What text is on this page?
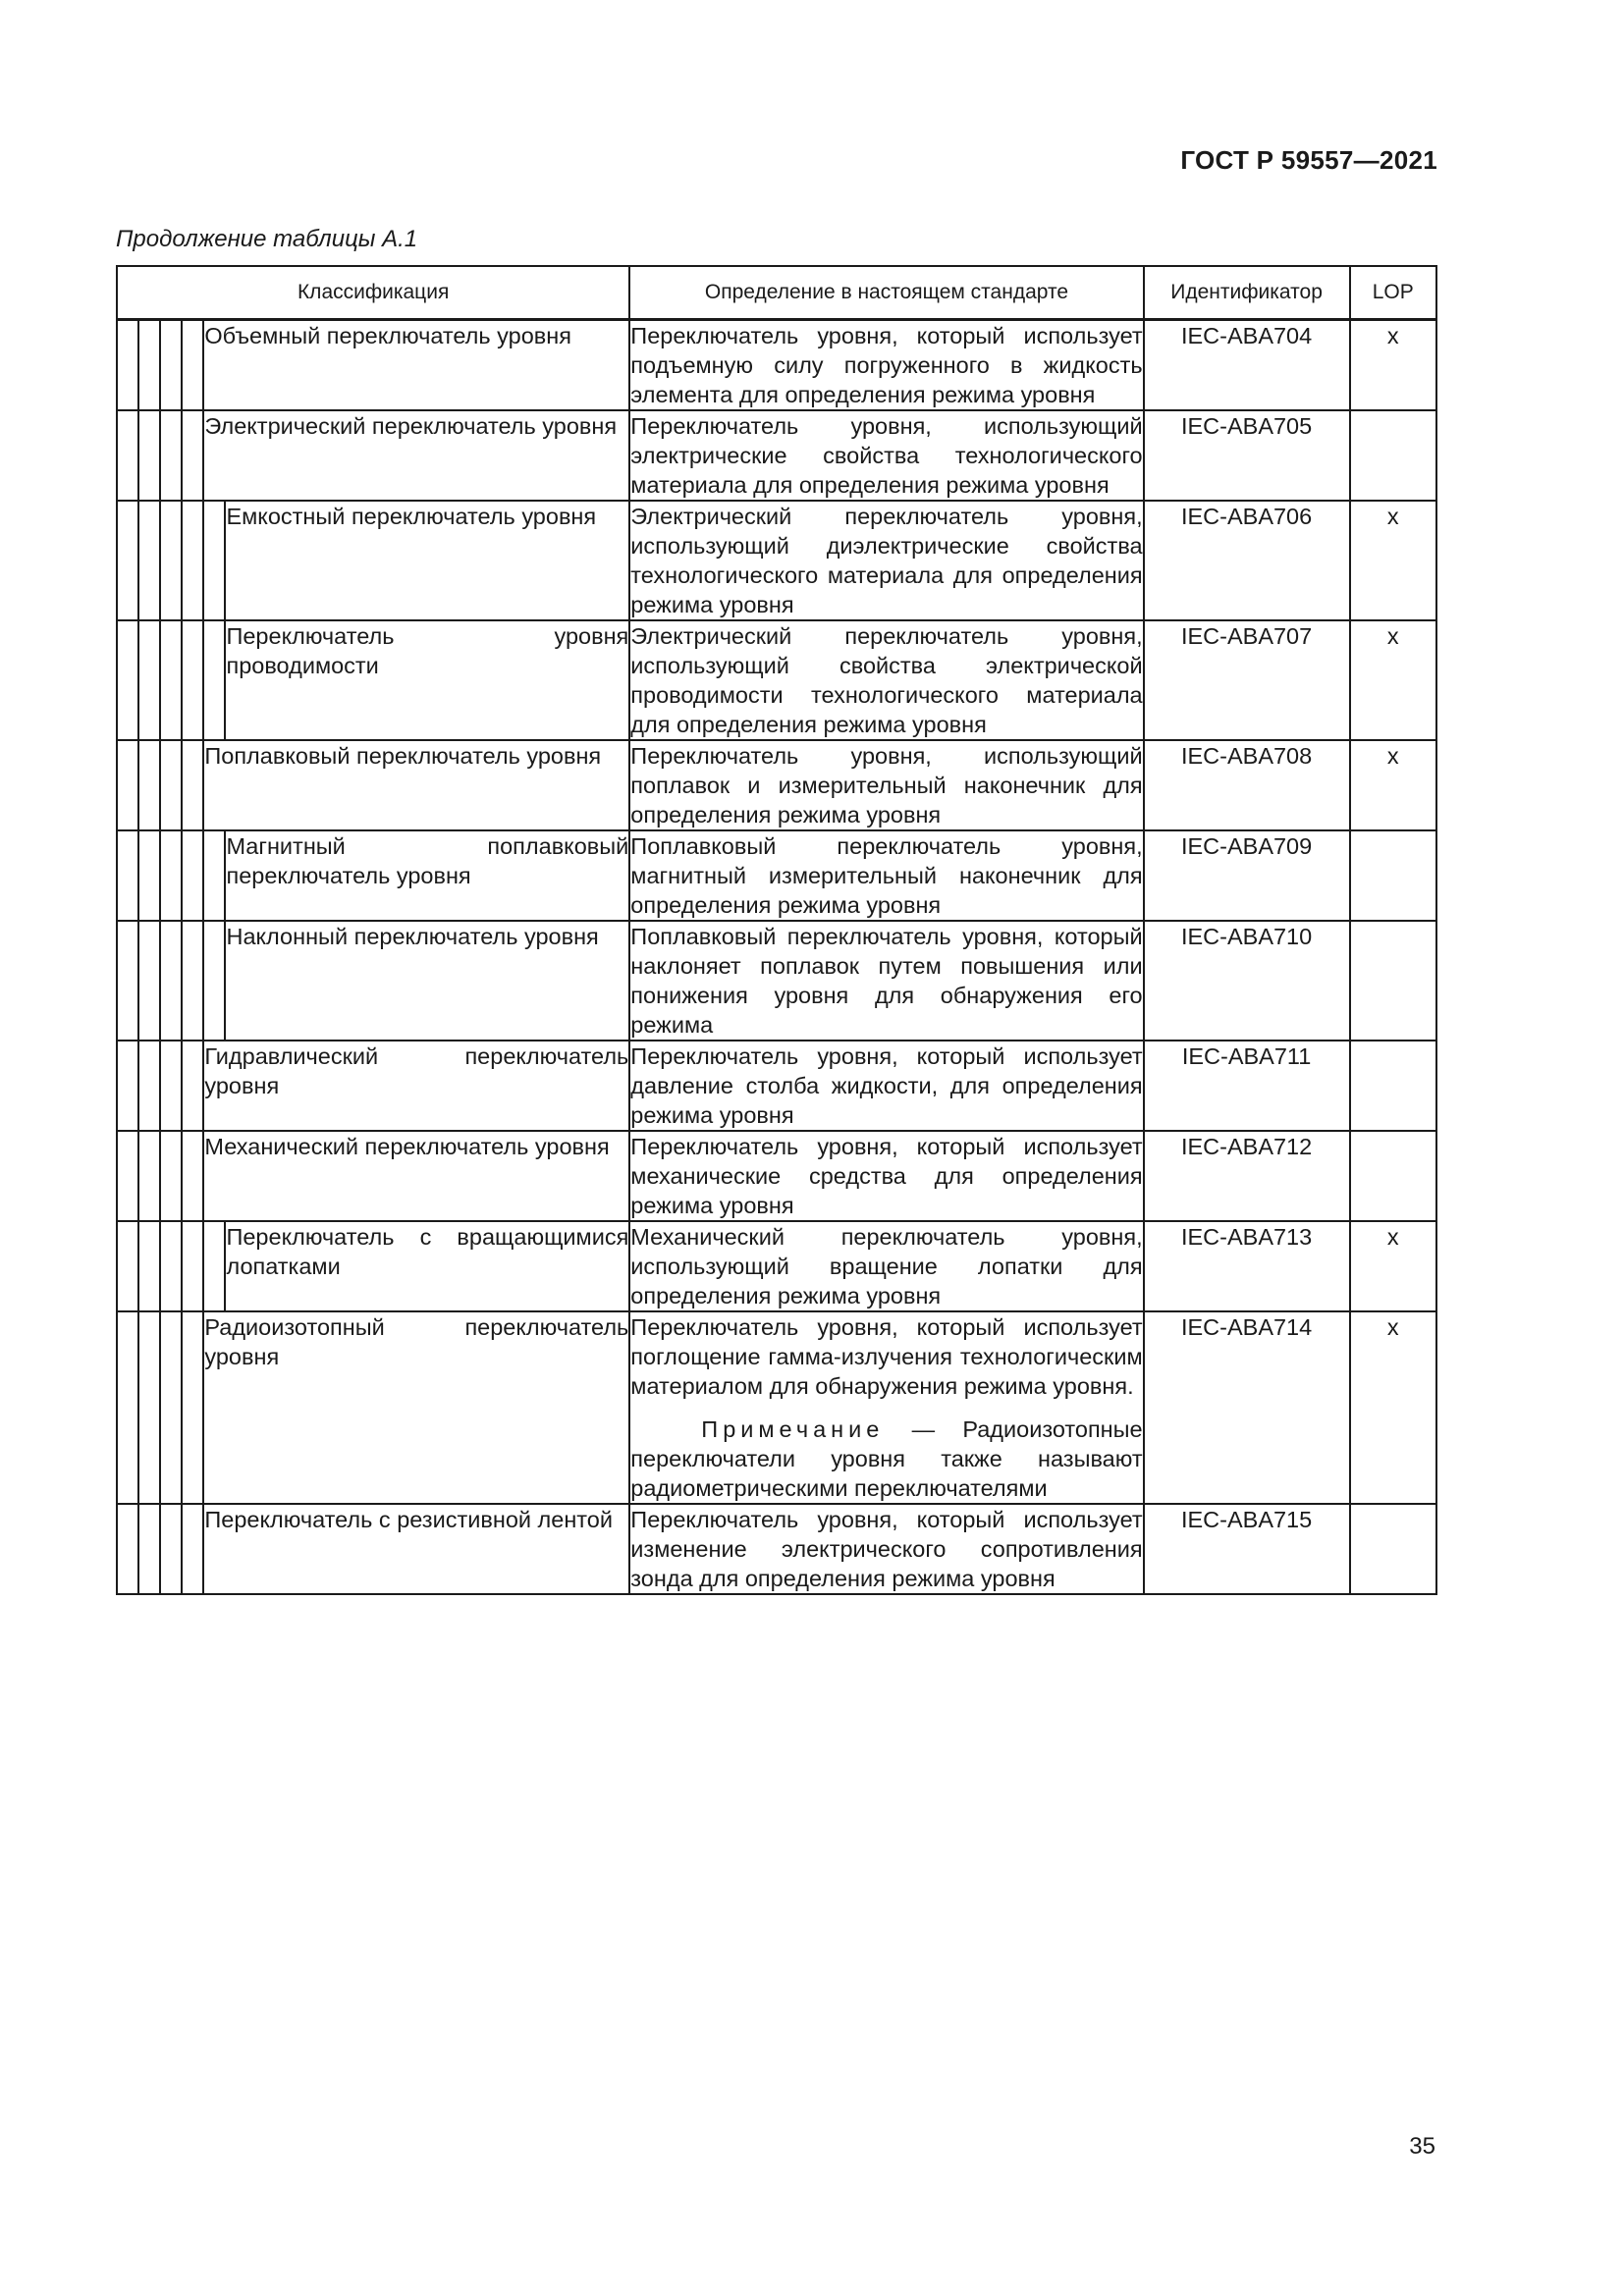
ГОСТ Р 59557—2021
Продолжение таблицы А.1
Классификация						Определение в настоящем стандарте	Идентификатор	LOP
				Объемный переключатель уровня		Переключатель уровня, который использует подъемную силу погруженного в жидкость элемента для определения режима уровня	IEC-ABA704	x
				Электрический переключатель уровня		Переключатель уровня, использующий электрические свойства технологического материала для определения режима уровня	IEC-ABA705	
					Емкостный переключатель уровня	Электрический переключатель уровня, использующий диэлектрические свойства технологического материала для определения режима уровня	IEC-ABA706	x
					Переключатель уровня проводимости	Электрический переключатель уровня, использующий свойства электрической проводимости технологического материала для определения режима уровня	IEC-ABA707	x
				Поплавковый переключатель уровня		Переключатель уровня, использующий поплавок и измерительный наконечник для определения режима уровня	IEC-ABA708	x
					Магнитный поплавковый переключатель уровня	Поплавковый переключатель уровня, магнитный измерительный наконечник для определения режима уровня	IEC-ABA709	
					Наклонный переключатель уровня	Поплавковый переключатель уровня, который наклоняет поплавок путем повышения или понижения уровня для обнаружения его режима	IEC-ABA710	
				Гидравлический переключатель уровня		Переключатель уровня, который использует давление столба жидкости, для определения режима уровня	IEC-ABA711	
				Механический переключатель уровня		Переключатель уровня, который использует механические средства для определения режима уровня	IEC-ABA712	
					Переключатель с вращающимися лопатками	Механический переключатель уровня, использующий вращение лопатки для определения режима уровня	IEC-ABA713	x
				Радиоизотопный переключатель уровня		Переключатель уровня, который использует поглощение гамма-излучения технологическим материалом для обнаружения режима уровня.
Примечание — Радиоизотопные переключатели уровня также называют радиометрическими переключателями	IEC-ABA714	x
				Переключатель с резистивной лентой		Переключатель уровня, который использует изменение электрического сопротивления зонда для определения режима уровня	IEC-ABA715	
35
